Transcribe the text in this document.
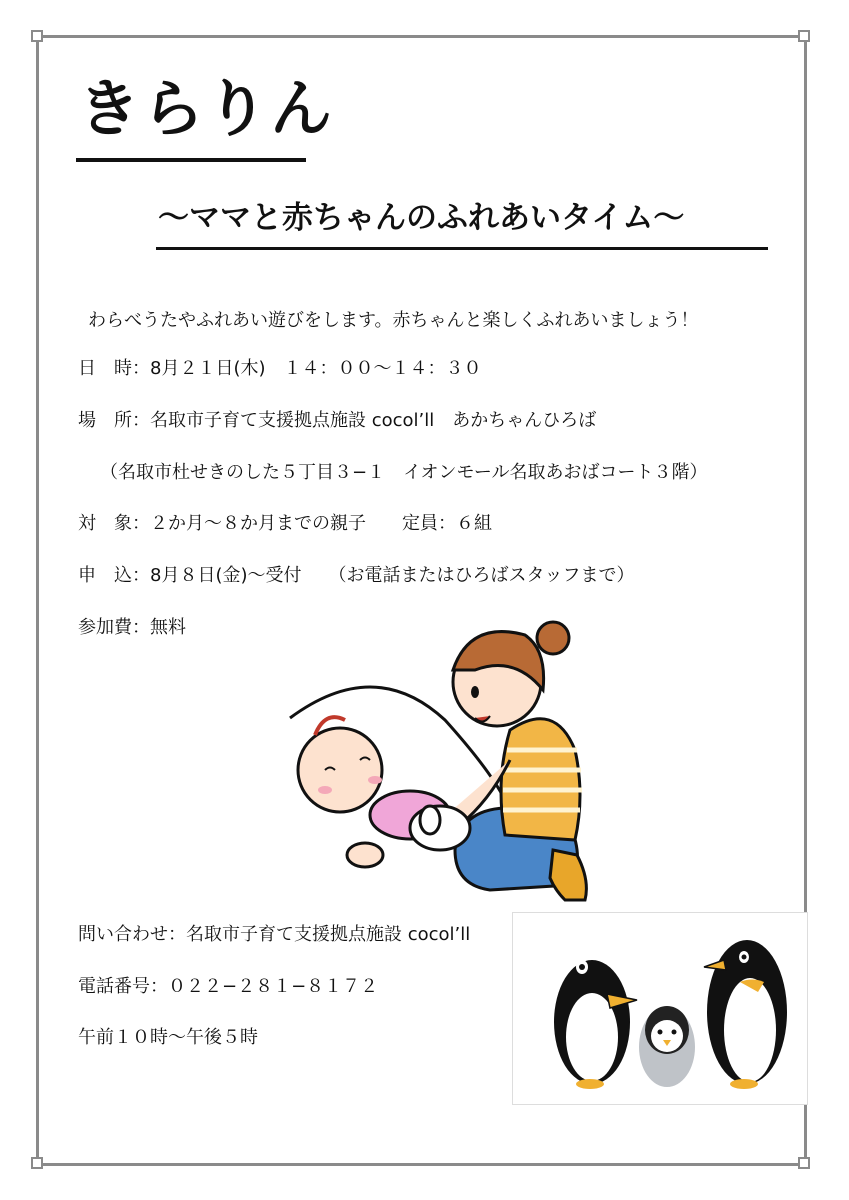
きらりん
〜ママと赤ちゃんのふれあいタイム〜
わらべうたやふれあい遊びをします。赤ちゃんと楽しくふれあいましょう！
日　時：8月２１日(木)　１４：００〜１４：３０
場　所：名取市子育て支援拠点施設 cocol’ll　あかちゃんひろば
（名取市杜せきのした５丁目３−１　イオンモール名取あおばコート３階）
対　象：２か月〜８か月までの親子　　定員：６組
申　込：8月８日(金)〜受付　　（お電話またはひろばスタッフまで）
参加費：無料
問い合わせ：名取市子育て支援拠点施設 cocol’ll
電話番号：０２２−２８１−８１７２
午前１０時〜午後５時
